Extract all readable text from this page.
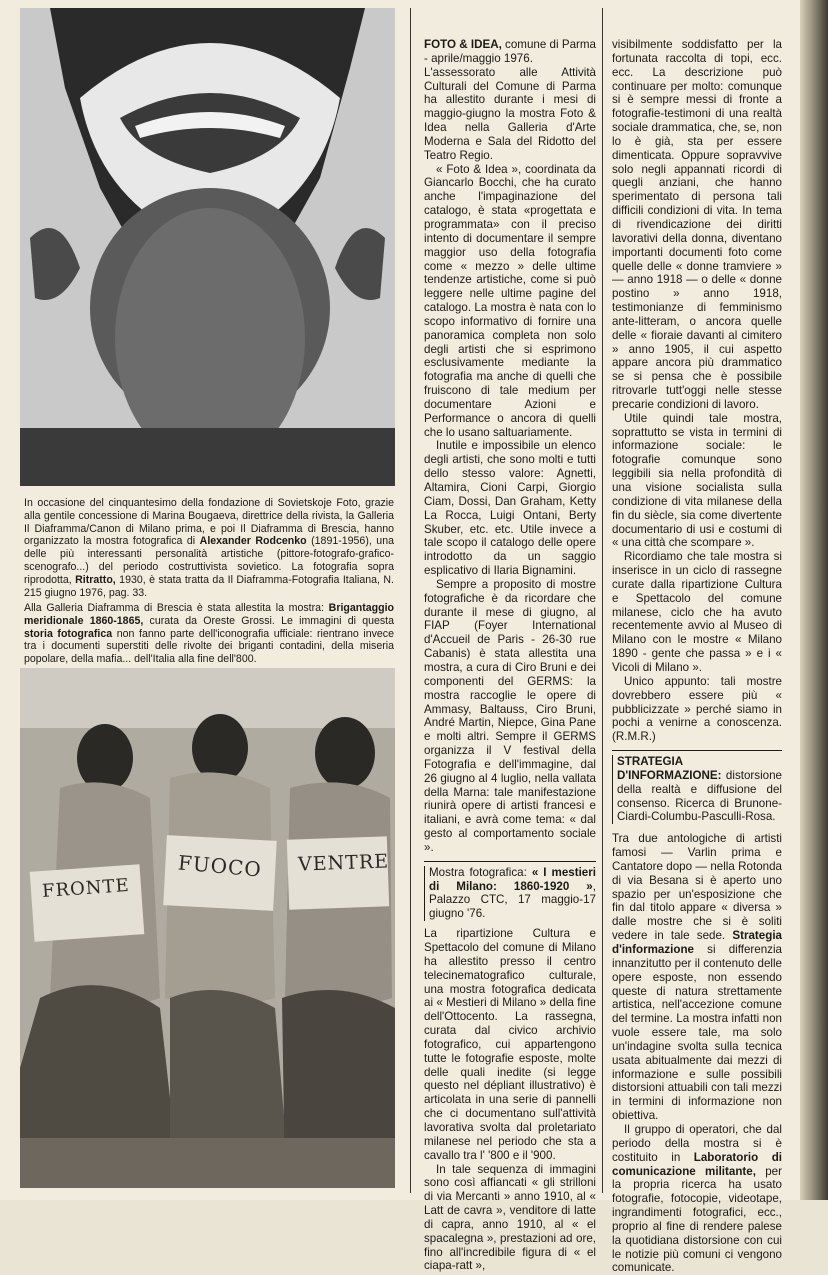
In occasione del cinquantesimo della fondazione di Sovietskoje Foto, grazie alla gentile concessione di Marina Bougaeva, direttrice della rivista, la Galleria Il Diaframma/Canon di Milano prima, e poi Il Diaframma di Brescia, hanno organizzato la mostra fotografica di Alexander Rodcenko (1891-1956), una delle più interessanti personalità artistiche (pittore-fotografo-grafico-scenografo...) del periodo costruttivista sovietico. La fotografia sopra riprodotta, Ritratto, 1930, è stata tratta da Il Diaframma-Fotografia Italiana, N. 215 giugno 1976, pag. 33.
Alla Galleria Diaframma di Brescia è stata allestita la mostra: Brigantaggio meridionale 1860-1865, curata da Oreste Grossi. Le immagini di questa storia fotografica non fanno parte dell'iconografia ufficiale: rientrano invece tra i documenti superstiti delle rivolte dei briganti contadini, della miseria popolare, della mafia... dell'Italia alla fine dell'800.
FRONTE
FUOCO VENTRE

FOTO & IDEA, comune di Parma - aprile/maggio 1976.

L'assessorato alle Attività Culturali del Comune di Parma ha allestito durante i mesi di maggio-giugno la mostra Foto & Idea nella Galleria d'Arte Moderna e Sala del Ridotto del Teatro Regio.

« Foto & Idea », coordinata da Giancarlo Bocchi, che ha curato anche l'impaginazione del catalogo, è stata «progettata e programmata» con il preciso intento di documentare il sempre maggior uso della fotografia come « mezzo » delle ultime tendenze artistiche, come si può leggere nelle ultime pagine del catalogo. La mostra è nata con lo scopo informativo di fornire una panoramica completa non solo degli artisti che si esprimono esclusivamente mediante la fotografia ma anche di quelli che fruiscono di tale medium per documentare Azioni e Performance o ancora di quelli che lo usano saltuariamente.

Inutile e impossibile un elenco degli artisti, che sono molti e tutti dello stesso valore: Agnetti, Altamira, Cioni Carpi, Giorgio Ciam, Dossi, Dan Graham, Ketty La Rocca, Luigi Ontani, Berty Skuber, etc. etc. Utile invece a tale scopo il catalogo delle opere introdotto da un saggio esplicativo di Ilaria Bignamini.

Sempre a proposito di mostre fotografiche è da ricordare che durante il mese di giugno, al FIAP (Foyer International d'Accueil de Paris - 26-30 rue Cabanis) è stata allestita una mostra, a cura di Ciro Bruni e dei componenti del GERMS: la mostra raccoglie le opere di Ammasy, Baltauss, Ciro Bruni, André Martin, Niepce, Gina Pane e molti altri. Sempre il GERMS organizza il V festival della Fotografia e dell'immagine, dal 26 giugno al 4 luglio, nella vallata della Marna: tale manifestazione riunirà opere di artisti francesi e italiani, e avrà come tema: « dal gesto al comportamento sociale ».

Mostra fotografica: « I mestieri di Milano: 1860-1920 », Palazzo CTC, 17 maggio-17 giugno '76.

La ripartizione Cultura e Spettacolo del comune di Milano ha allestito presso il centro telecinematografico culturale, una mostra fotografica dedicata ai « Mestieri di Milano » della fine dell'Ottocento. La rassegna, curata dal civico archivio fotografico, cui appartengono tutte le fotografie esposte, molte delle quali inedite (si legge questo nel dépliant illustrativo) è articolata in una serie di pannelli che ci documentano sull'attività lavorativa svolta dal proletariato milanese nel periodo che sta a cavallo tra l' '800 e il '900.

In tale sequenza di immagini sono così affiancati « gli strilloni di via Mercanti » anno 1910, al « Latt de cavra », venditore di latte di capra, anno 1910, al « el spacalegna », prestazioni ad ore, fino all'incredibile figura di « el ciapa-ratt »,

visibilmente soddisfatto per la fortunata raccolta di topi, ecc. ecc. La descrizione può continuare per molto: comunque si è sempre messi di fronte a fotografie-testimoni di una realtà sociale drammatica, che, se, non lo è già, sta per essere dimenticata. Oppure sopravvive solo negli appannati ricordi di quegli anziani, che hanno sperimentato di persona tali difficili condizioni di vita. In tema di rivendicazione dei diritti lavorativi della donna, diventano importanti documenti foto come quelle delle « donne tramviere » — anno 1918 — o delle « donne postino » anno 1918, testimonianze di femminismo ante-litteram, o ancora quelle delle « fioraie davanti al cimitero » anno 1905, il cui aspetto appare ancora più drammatico se si pensa che è possibile ritrovarle tutt'oggi nelle stesse precarie condizioni di lavoro.

Utile quindi tale mostra, soprattutto se vista in termini di informazione sociale: le fotografie comunque sono leggibili sia nella profondità di una visione socialista sulla condizione di vita milanese della fin du siècle, sia come divertente documentario di usi e costumi di « una città che scompare ».

Ricordiamo che tale mostra si inserisce in un ciclo di rassegne curate dalla ripartizione Cultura e Spettacolo del comune milanese, ciclo che ha avuto recentemente avvio al Museo di Milano con le mostre « Milano 1890 - gente che passa » e i « Vicoli di Milano ».

Unico appunto: tali mostre dovrebbero essere più « pubblicizzate » perché siamo in pochi a venirne a conoscenza. (R.M.R.)

STRATEGIA D'INFORMAZIONE: distorsione della realtà e diffusione del consenso. Ricerca di Brunone-Ciardi-Columbu-Pasculli-Rosa.

Tra due antologiche di artisti famosi — Varlin prima e Cantatore dopo — nella Rotonda di via Besana si è aperto uno spazio per un'esposizione che fin dal titolo appare « diversa » dalle mostre che si è soliti vedere in tale sede. Strategia d'informazione si differenzia innanzitutto per il contenuto delle opere esposte, non essendo queste di natura strettamente artistica, nell'accezione comune del termine. La mostra infatti non vuole essere tale, ma solo un'indagine svolta sulla tecnica usata abitualmente dai mezzi di informazione e sulle possibili distorsioni attuabili con tali mezzi in termini di informazione non obiettiva.

Il gruppo di operatori, che dal periodo della mostra si è costituito in Laboratorio di comunicazione militante, per la propria ricerca ha usato fotografie, fotocopie, videotape, ingrandimenti fotografici, ecc., proprio al fine di rendere palese la quotidiana distorsione con cui le notizie più comuni ci vengono comunicate.
